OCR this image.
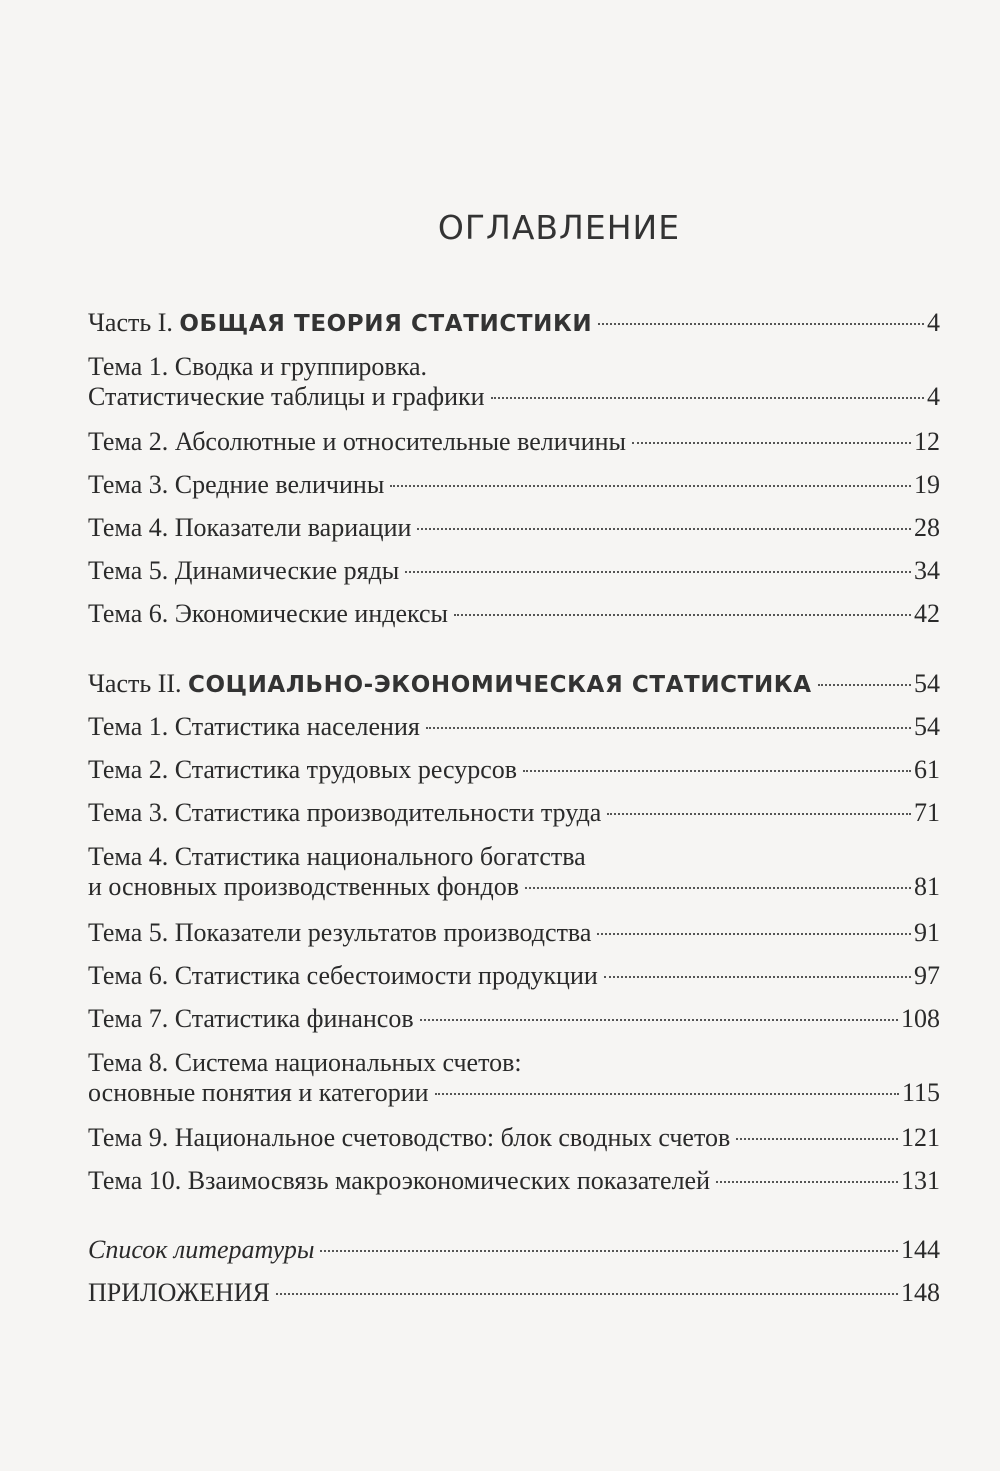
ОГЛАВЛЕНИЕ
Часть I. ОБЩАЯ ТЕОРИЯ СТАТИСТИКИ	4
Тема 1. Сводка и группировка.
Статистические таблицы и графики	4
Тема 2. Абсолютные и относительные величины	12
Тема 3. Средние величины	19
Тема 4. Показатели вариации	28
Тема 5. Динамические ряды	34
Тема 6. Экономические индексы	42
Часть II. СОЦИАЛЬНО-ЭКОНОМИЧЕСКАЯ СТАТИСТИКА	54
Тема 1. Статистика населения	54
Тема 2. Статистика трудовых ресурсов	61
Тема 3. Статистика производительности труда	71
Тема 4. Статистика национального богатства
и основных производственных фондов	81
Тема 5. Показатели результатов производства	91
Тема 6. Статистика себестоимости продукции	97
Тема 7. Статистика финансов	108
Тема 8. Система национальных счетов:
основные понятия и категории	115
Тема 9. Национальное счетоводство: блок сводных счетов	121
Тема 10. Взаимосвязь макроэкономических показателей	131
Список литературы	144
ПРИЛОЖЕНИЯ	148
